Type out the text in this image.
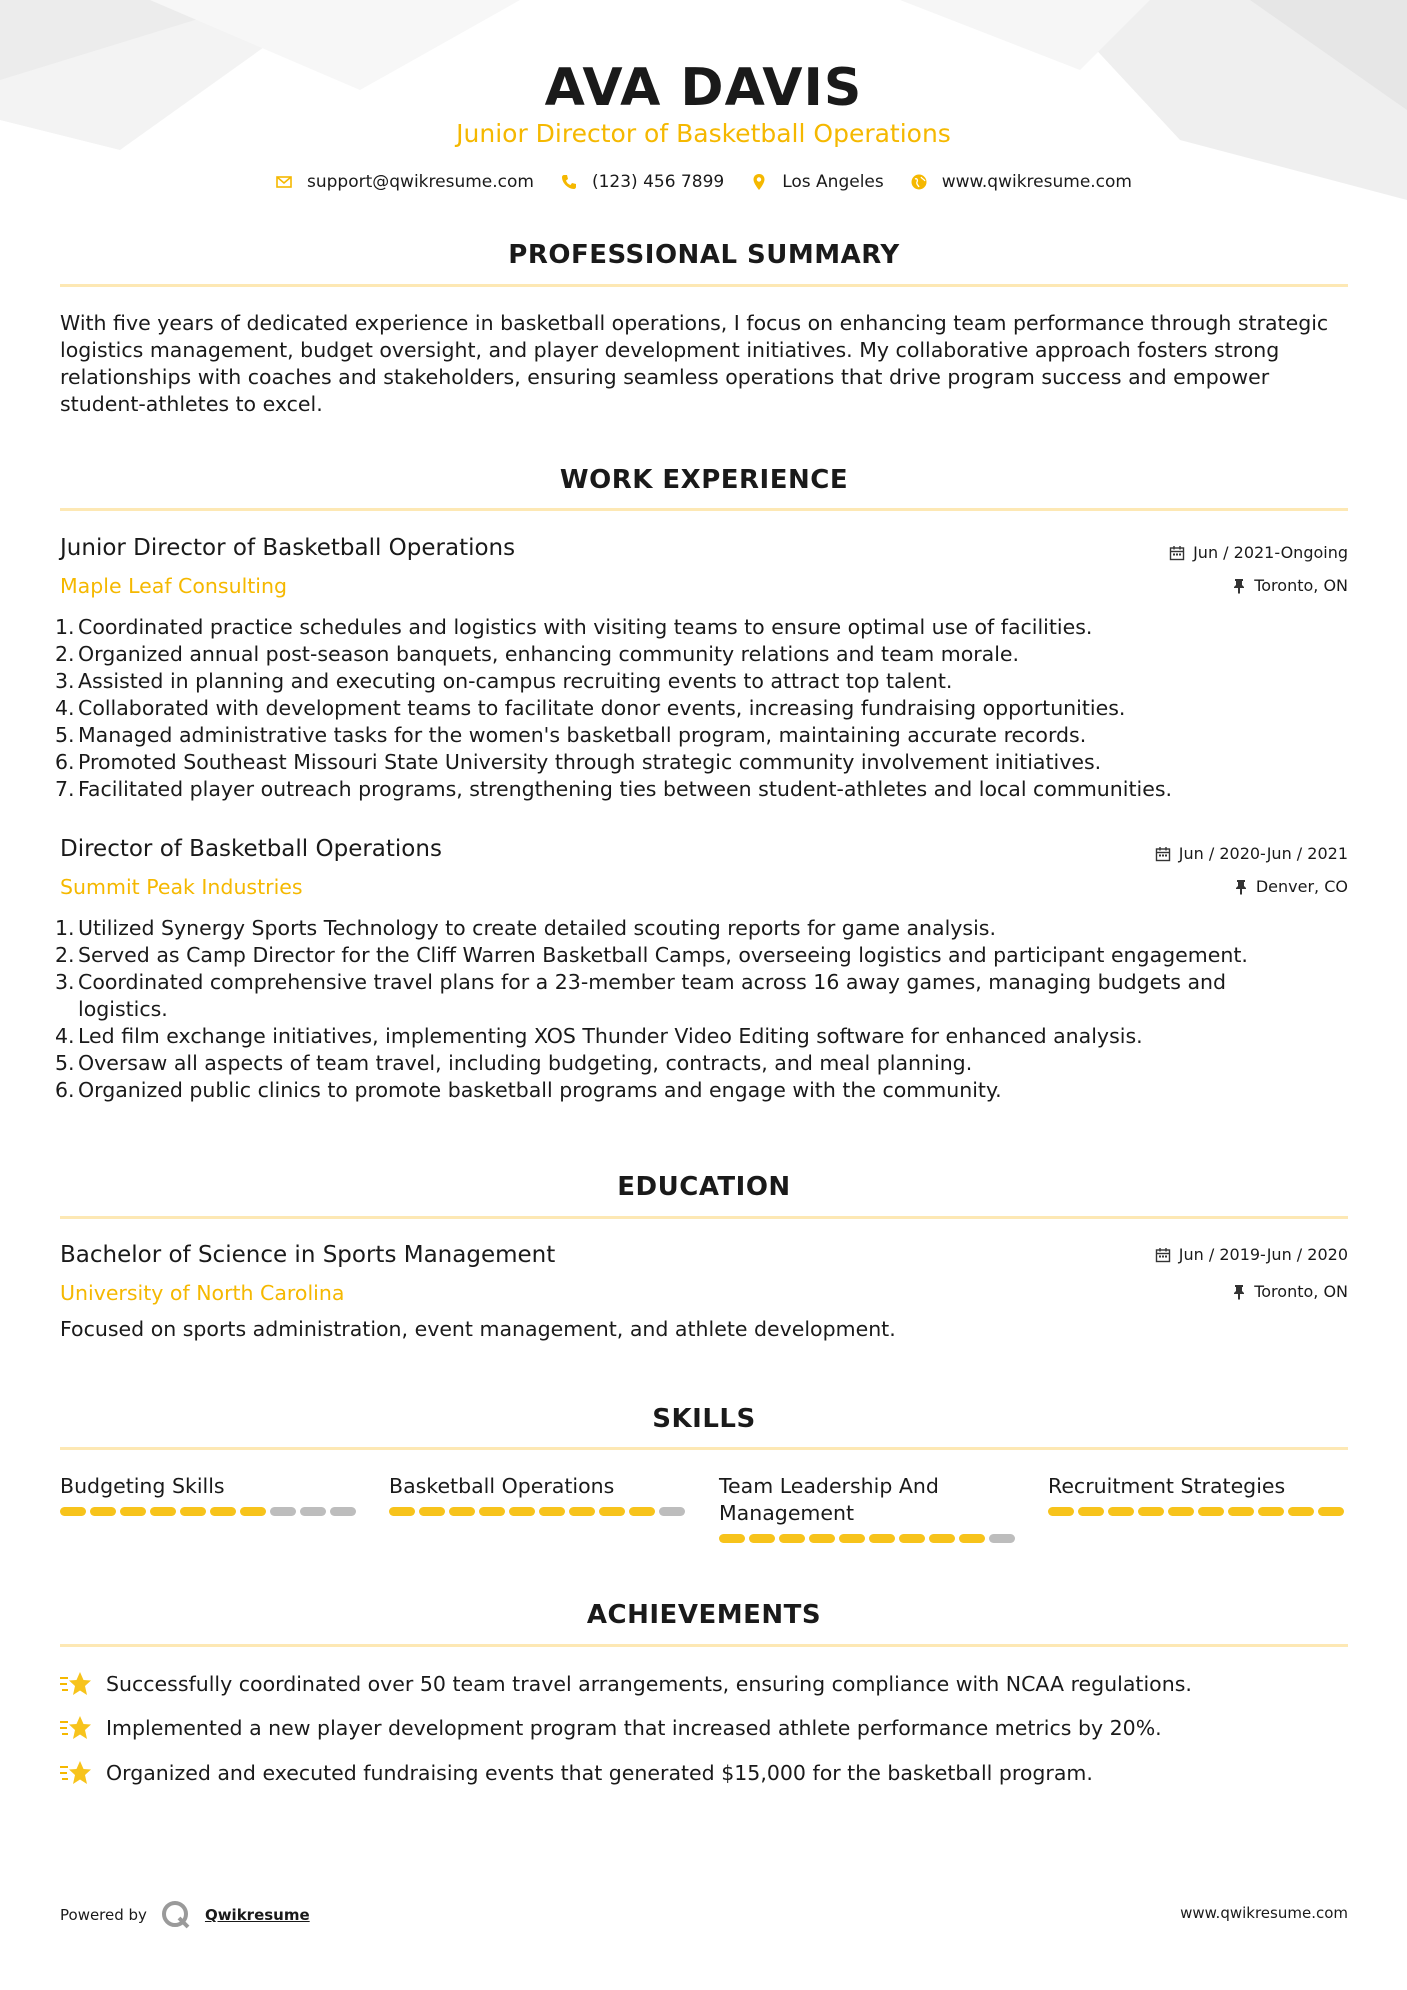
AVA DAVIS
Junior Director of Basketball Operations
support@qwikresume.com	(123) 456 7899	Los Angeles	www.qwikresume.com
PROFESSIONAL SUMMARY
With five years of dedicated experience in basketball operations, I focus on enhancing team performance through strategic logistics management, budget oversight, and player development initiatives. My collaborative approach fosters strong relationships with coaches and stakeholders, ensuring seamless operations that drive program success and empower student-athletes to excel.
WORK EXPERIENCE
Junior Director of Basketball Operations
Maple Leaf Consulting
Jun / 2021-Ongoing
Toronto, ON
1. Coordinated practice schedules and logistics with visiting teams to ensure optimal use of facilities.
2. Organized annual post-season banquets, enhancing community relations and team morale.
3. Assisted in planning and executing on-campus recruiting events to attract top talent.
4. Collaborated with development teams to facilitate donor events, increasing fundraising opportunities.
5. Managed administrative tasks for the women's basketball program, maintaining accurate records.
6. Promoted Southeast Missouri State University through strategic community involvement initiatives.
7. Facilitated player outreach programs, strengthening ties between student-athletes and local communities.
Director of Basketball Operations
Summit Peak Industries
Jun / 2020-Jun / 2021
Denver, CO
1. Utilized Synergy Sports Technology to create detailed scouting reports for game analysis.
2. Served as Camp Director for the Cliff Warren Basketball Camps, overseeing logistics and participant engagement.
3. Coordinated comprehensive travel plans for a 23-member team across 16 away games, managing budgets and logistics.
4. Led film exchange initiatives, implementing XOS Thunder Video Editing software for enhanced analysis.
5. Oversaw all aspects of team travel, including budgeting, contracts, and meal planning.
6. Organized public clinics to promote basketball programs and engage with the community.
EDUCATION
Bachelor of Science in Sports Management
University of North Carolina
Jun / 2019-Jun / 2020
Toronto, ON
Focused on sports administration, event management, and athlete development.
SKILLS
Budgeting Skills	Basketball Operations	Team Leadership And Management
Recruitment Strategies
ACHIEVEMENTS
Successfully coordinated over 50 team travel arrangements, ensuring compliance with NCAA regulations.
Implemented a new player development program that increased athlete performance metrics by 20%.
Organized and executed fundraising events that generated $15,000 for the basketball program.
Powered by	Qwikresume	www.qwikresume.com
